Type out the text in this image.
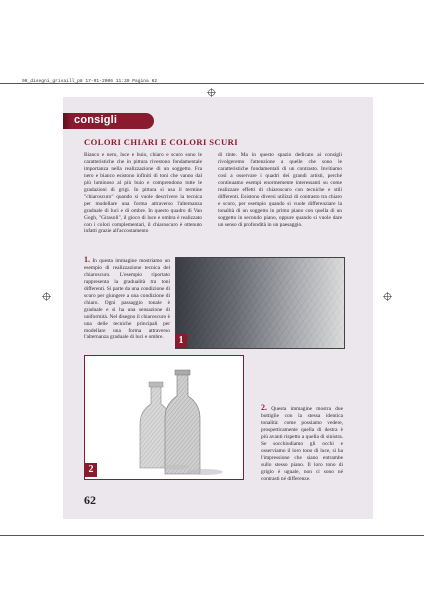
98_disegni_grisaill_p8 17-01-2006 11:39 Pagina 62
consigli
COLORI CHIARI E COLORI SCURI
Bianco e nero, luce e buio, chiaro e scuro sono le caratteristiche che in pittura rivestono fondamentale importanza nella realizzazione di un soggetto. Fra nero e bianco esistono infiniti di toni che vanno dal più luminoso al più buio e comprendono tutte le gradazioni di grigi. In pittura si usa il termine "chiaroscuro" quando si vuole descrivere la tecnica per modellare una forma attraverso l'alternanza graduale di luci e di ombre. In questo quadro di Van Gogh, "Girasoli", il gioco di luce e ombra è realizzato con i colori complementari, il chiaroscuro è ottenuto infatti grazie all'accostamento
di tinte. Ma in questo spazio dedicato ai consigli rivolgeremo l'attenzione a quelle che sono le caratteristiche fondamentali di un contrasto. Invitiamo così a osservare i quadri dei grandi artisti, perché continuamo esempi enormemente interessanti su come realizzare effetti di chiaroscuro con tecniche e stili differenti. Esistono diversi utilizzi di contrasto tra chiaro e scuro, per esempio quando si vuole differenziare la tonalità di un soggetto in primo piano con quella di un soggetto in secondo piano, oppure quando si vuole dare un senso di profondità in un paesaggio.
1. In questa immagine mostriamo un esempio di realizzazione tecnica del chiaroscuro. L'esempio riportato rappresenta la gradualità tra toni differenti. Si parte da una condizione di scuro per giungere a una condizione di chiaro. Ogni passaggio tonale è graduale e si ha una sensazione di uniformità. Nel disegno il chiaroscuro è una delle tecniche principali per modellare una forma attraverso l'alternanza graduale di luci e ombre.	1
2
2. Questa immagine mostra due bottiglie con la stessa identica tonalità: come possiamo vedere, prospetticamente quella di destra è più avanti rispetto a quella di sinistra. Se socchiudiamo gli occhi e osserviamo il loro tono di luce, si ha l'impressione che siano entrambe sullo stesso piano. Il loro tono di grigio è uguale, non ci sono né contrasti né differenze.
62
